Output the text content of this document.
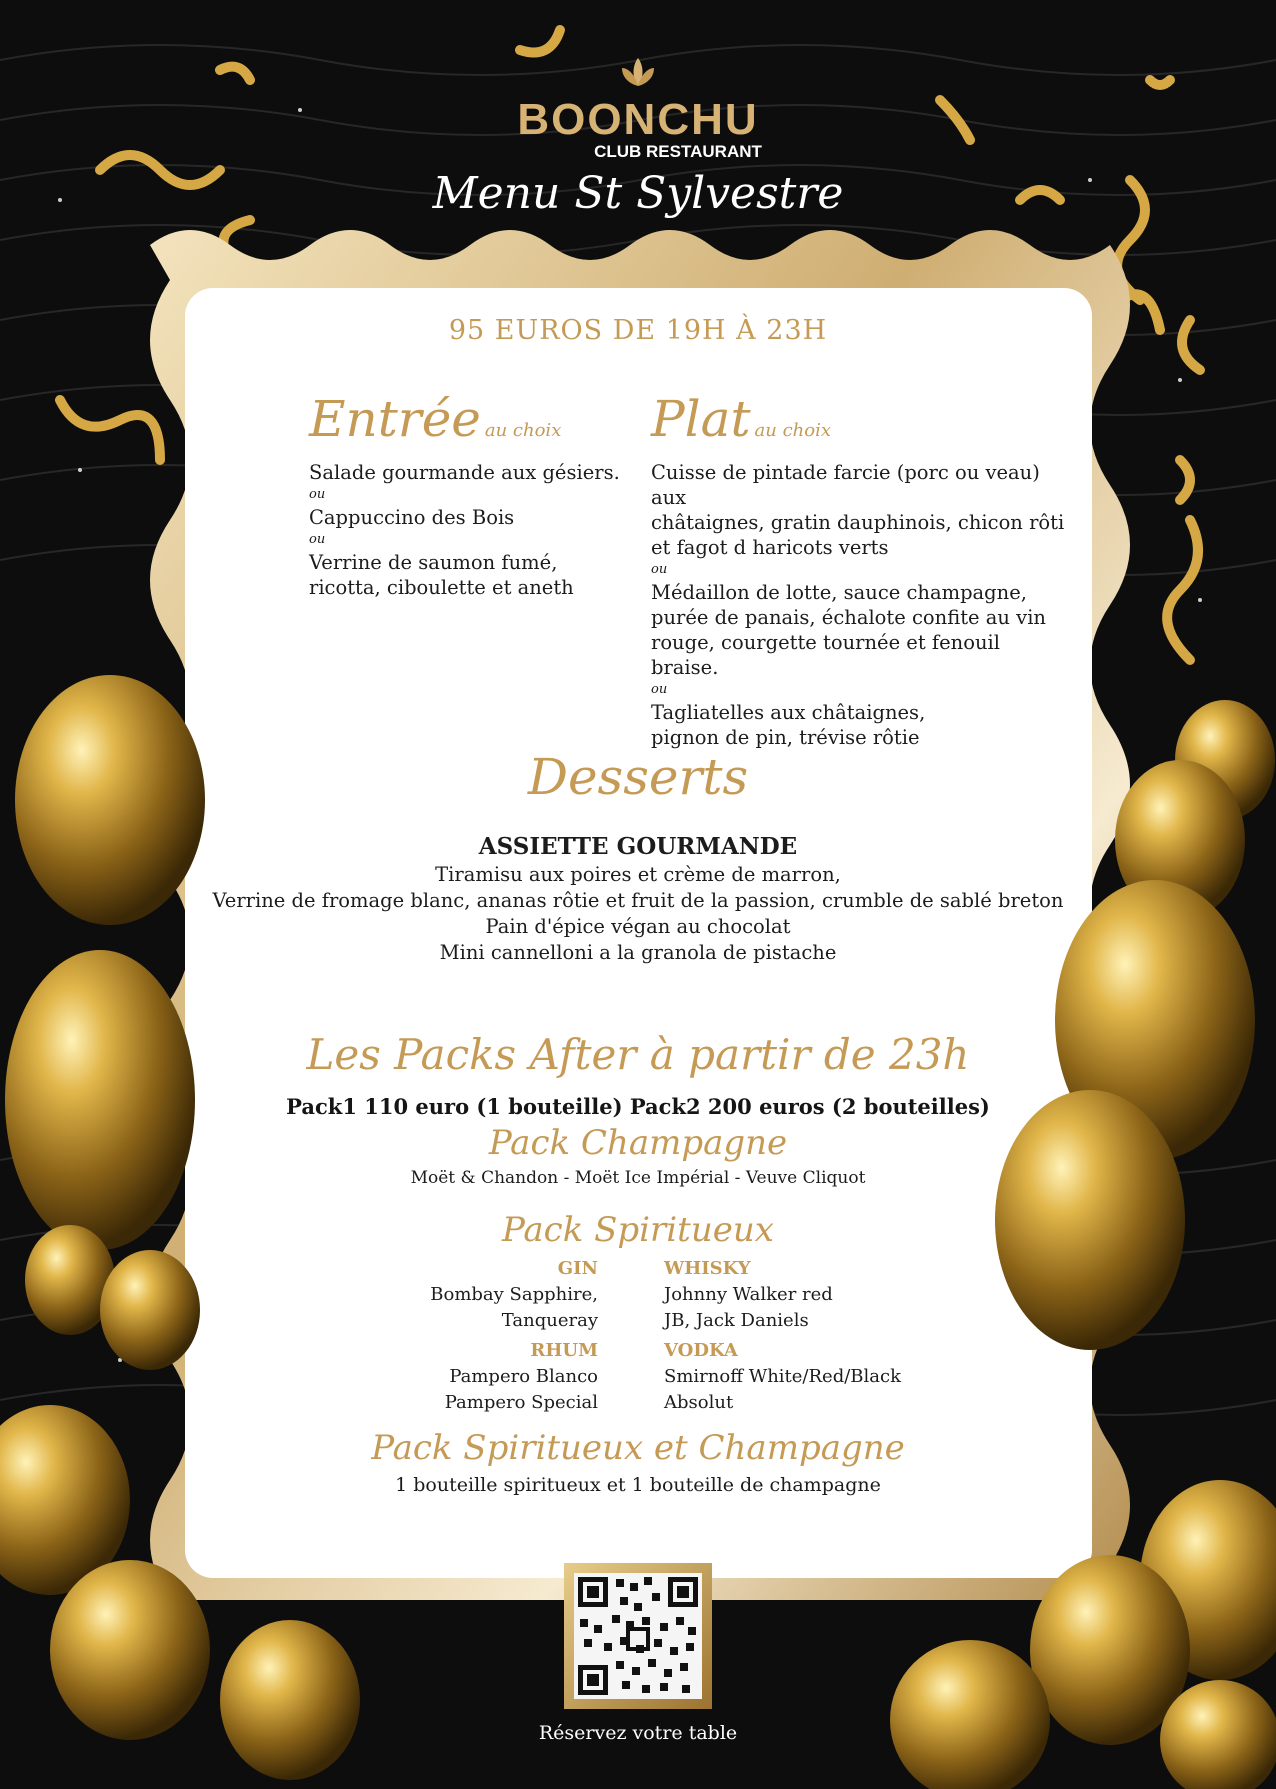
BOONCHU
CLUB RESTAURANT
Menu St Sylvestre
95 EUROS DE 19H À 23H
Entrée au choix
Salade gourmande aux gésiers.
ou
Cappuccino des Bois
ou
Verrine de saumon fumé,
ricotta, ciboulette et aneth
Plat au choix
Cuisse de pintade farcie (porc ou veau) aux
châtaignes, gratin dauphinois, chicon rôti
et fagot d haricots verts
ou
Médaillon de lotte, sauce champagne,
purée de panais, échalote confite au vin
rouge, courgette tournée et fenouil braise.
ou
Tagliatelles aux châtaignes,
pignon de pin, trévise rôtie
Desserts
ASSIETTE GOURMANDE
Tiramisu aux poires et crème de marron,
Verrine de fromage blanc, ananas rôtie et fruit de la passion, crumble de sablé breton
Pain d'épice végan au chocolat
Mini cannelloni a la granola de pistache
Les Packs After à partir de 23h
Pack1 110 euro (1 bouteille) Pack2 200 euros (2 bouteilles)
Pack Champagne
Moët & Chandon - Moët Ice Impérial - Veuve Cliquot
Pack Spiritueux
GIN
Bombay Sapphire,
Tanqueray
RHUM
Pampero Blanco
Pampero Special
WHISKY
Johnny Walker red
JB, Jack Daniels
VODKA
Smirnoff White/Red/Black
Absolut
Pack Spiritueux et Champagne
1 bouteille spiritueux et 1 bouteille de champagne
Réservez votre table
